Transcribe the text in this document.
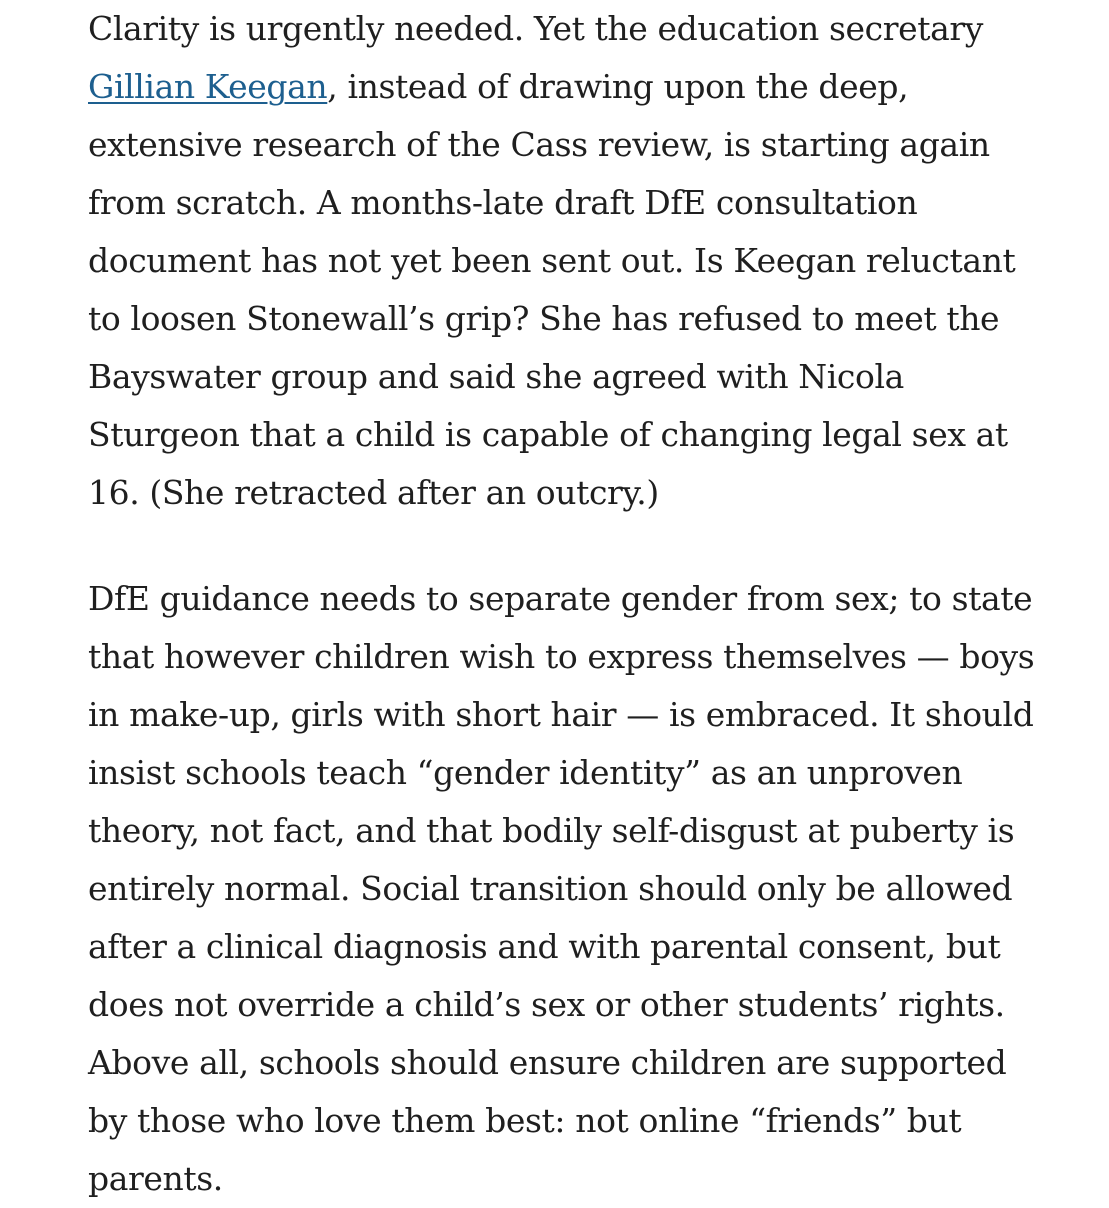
Clarity is urgently needed. Yet the education secretary
Gillian Keegan, instead of drawing upon the deep,
extensive research of the Cass review, is starting again
from scratch. A months-late draft DfE consultation
document has not yet been sent out. Is Keegan reluctant
to loosen Stonewall’s grip? She has refused to meet the
Bayswater group and said she agreed with Nicola
Sturgeon that a child is capable of changing legal sex at
16. (She retracted after an outcry.)

DfE guidance needs to separate gender from sex; to state
that however children wish to express themselves — boys
in make-up, girls with short hair — is embraced. It should
insist schools teach “gender identity” as an unproven
theory, not fact, and that bodily self-disgust at puberty is
entirely normal. Social transition should only be allowed
after a clinical diagnosis and with parental consent, but
does not override a child’s sex or other students’ rights.
Above all, schools should ensure children are supported
by those who love them best: not online “friends” but
parents.
